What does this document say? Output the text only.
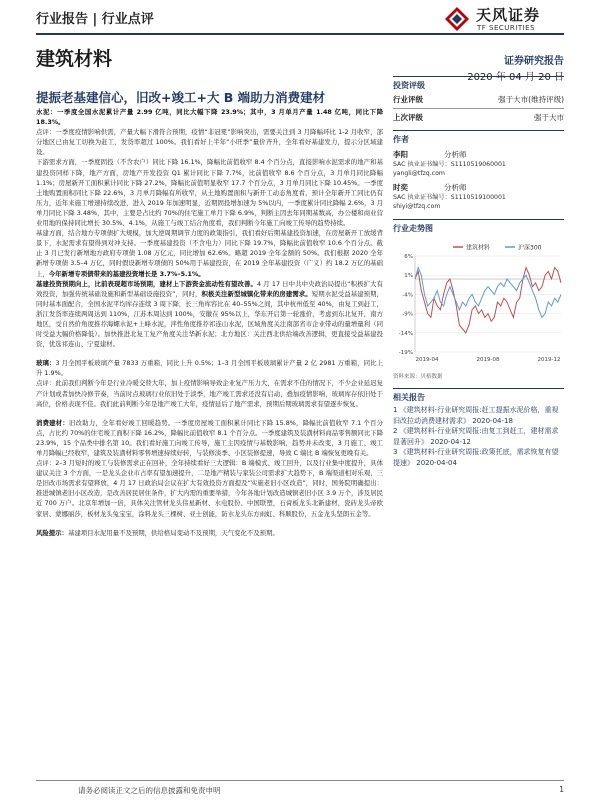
行业报告 | 行业点评	天风证券
TF SECURITIES
建筑材料	证券研究报告
2020 年 04 月 20 日
提振老基建信心，旧改+竣工+大 B 端助力消费建材

水泥：一季度全国水泥累计产量 2.99 亿吨，同比大幅下降 23.9%；其中，3 月单月产量 1.48 亿吨，同比下降 18.3%。

点评：一季度疫情影响供需，产量大幅下滑符合预期，疫情“非冠冕”影响突出，需要关注到 3 月降幅环比 1-2 月收窄，部分地区已由复工切换为赶工，发货率超过 100%。我们看好上半年“小旺季”量价齐升，全年看好基建发力，提示分区域建设。

下游需求方面，一季度固投（不含农户）同比下降 16.1%，降幅比前值收窄 8.4 个百分点，直接影响水泥需求的地产和基建投资同样下降，地产方面，房地产开发投资 Q1 累计同比下降 7.7%，比前值收窄 8.6 个百分点，3 月单月同比降幅 1.1%；房屋新开工面积累计同比下降 27.2%，降幅比前值明显收窄 17.7 个百分点，3 月单月同比下降 10.45%。一季度土地购置面积同比下降 22.6%，3 月单月降幅有所收窄，从土地购置面积与新开工动态角度看，预计全年新开工同比仍有压力，近年来施工增速持续改进，进入 2019 年加速明显，近期固投增加速为 5%以内，一季度累计同比降幅 2.6%，3 月单月同比下降 3.48%，其中，主要是占比约 70%的住宅施工单月下降 6.9%，判断主因去年同期基数高，办公楼和商业营业用地的保持同比增长 30.5%、4.1%，从施工与竣工结合角度看，我们判断今年施工向竣工传导的趋势持续。

基建方面，结合地方专项债扩大规模，加大逆周期调节力度的政策指引，我们看好后期基建投资加速，在房屋新开工放缓背景下，水泥需求有望得到对冲支持。一季度基建投资（不含电力）同比下降 19.7%，降幅比前值收窄 10.6 个百分点。截止 3 月已发行新增地方政府专项债 1.08 万亿元，同比增加 62.6%。略超 2019 全年金额的 50%。我们根据 2020 全年新增专项债 3.5–4 万亿，同时假设新增专项债的 50%用于基建投资，在 2019 全年基建投资（广义）约 18.2 万亿的基础上，今年新增专项债带来的基建投资增长是 3.7%–5.1%。

基建投资预期向上，比前表现超市场预期，建材上下游资金流动性有望改善。4 月 17 日中共中央政治局提出“积极扩大有效投资，加强传统基础设施和新型基础设施投资”，同时，积极关注新型城镇化带来的房建需求。短期水泥受益基建预期，同时基本面配合，全国水泥平均库存连续 3 周下降，长三角库容比在 40–55%之间，其中杭州低至 40%，由复工到赶工，浙江发货率连续两周达到 110%，江苏本周达到 100%，安徽在 95%以上，华东开启第一轮涨价，考虑到东北复开，南方地区，受自然价角度推荐海螺水泥+上峰水泥，泮性角度推荐祁连山水泥，区域角度关注南部省市企业带动的量增量利（同时受益大幅价格降低）。加快推进北复工复产角度关注华新水泥；北方地区：关注西北供给端改善逻辑，更直接受益基建投资，优选祁连山、宁夏建材。

玻璃：3 月全国平板玻璃产量 7833 万重箱，同比上升 0.5%；1–3 月全国平板玻璃累计产量 2 亿 2981 万重箱，同比上升 1.9%。

点评：此前我们判断今年是行业冷暖交替大年，加上疫情影响导致企业复产压力大，在需求不佳的情况下，不少企业延迟复产计划或者加快冷修节奏，当前时点玻璃行业依旧处于淡季，地产竣工需求还没有启动，叠加疫情影响，玻璃库存依旧处于高位，价格表现不佳。我们此前判断今年是地产竣工大年，疫情延后了地产需求，预期后期玻璃需求有望逐步恢复。

消费建材：旧改助力，全年看好竣工回暖趋势。一季度房屋竣工面积累计同比下降 15.8%，降幅比前值收窄 7.1 个百分点，占比约 70%的住宅竣工面积下降 16.2%，降幅比前值收窄 8.1 个百分点。一季度建筑及装潢材料商品零售额同比下降 23.9%，15 个品类中排名第 10。我们看好施工向竣工传导，施工主因疫情与基数影响，趋势并未改变，3 月施工、竣工单月降幅已经收窄，建筑及装潢材料零售增速持续好转，与装修淡季、小区装修提速，导致 C 端比 B 端恢复更晚有关。

点评：2–3 月短时的竣工与装修需求正在回补，全年持续看好三大逻辑：B 端模式、竣工回升，以及行业集中度提升，具体建议关注 3 个方面，一是龙头企业市占率有望加速提升，二是地产精装与家装公司需求扩大趋势下，B 端渠道相对乐观，三是旧改市场需求有望释放，4 月 17 日政治局会议在扩大有效投资方面提及“实施老旧小区改造”，同时，国务院明确提出：推进城镇老旧小区改造，是改善居民居住条件，扩大内需的重要举措，今年各地计划改造城镇老旧小区 3.9 万个，涉及居民近 700 万户。北京年增加一倍，具体关注管材龙头伟星新材、水电股份、中国联塑，石膏板龙头北新建材，瓷砖龙头帝欧家居、蒙娜丽莎，板材龙头兔宝宝，涂料龙头三棵树、亚士创能，防水龙头东方雨虹、科顺股份，五金龙头坚朗五金等。

风险提示：基建项目水泥用量不及预期，供给格局变动不及预期，天气变化不及预期。

投资评级
行业评级	强于大市(维持评级)
上次评级	强于大市
作者
李阳	分析师
SAC 执业证书编号：S1110519060001
yangli@tfzq.com
时奕	分析师
SAC 执业证书编号：S1110519100001
shiyi@tfzq.com
行业走势图
建筑材料	沪深300
6%
1%
-4%
-9%
-14%
-19%
2019-04	2019-08	2019-12
资料来源：贝格数据
相关报告
1 《建筑材料-行业研究周报:赶工提振水泥价格，重视旧改拉动消费建材需求》 2020-04-18
2 《建筑材料-行业研究周报:由复工到赶工，建材需求显著回升》 2020-04-12
3 《建筑材料-行业研究周报:政策托底，需求恢复有望提速》 2020-04-04
请务必阅读正文之后的信息披露和免责申明	1
